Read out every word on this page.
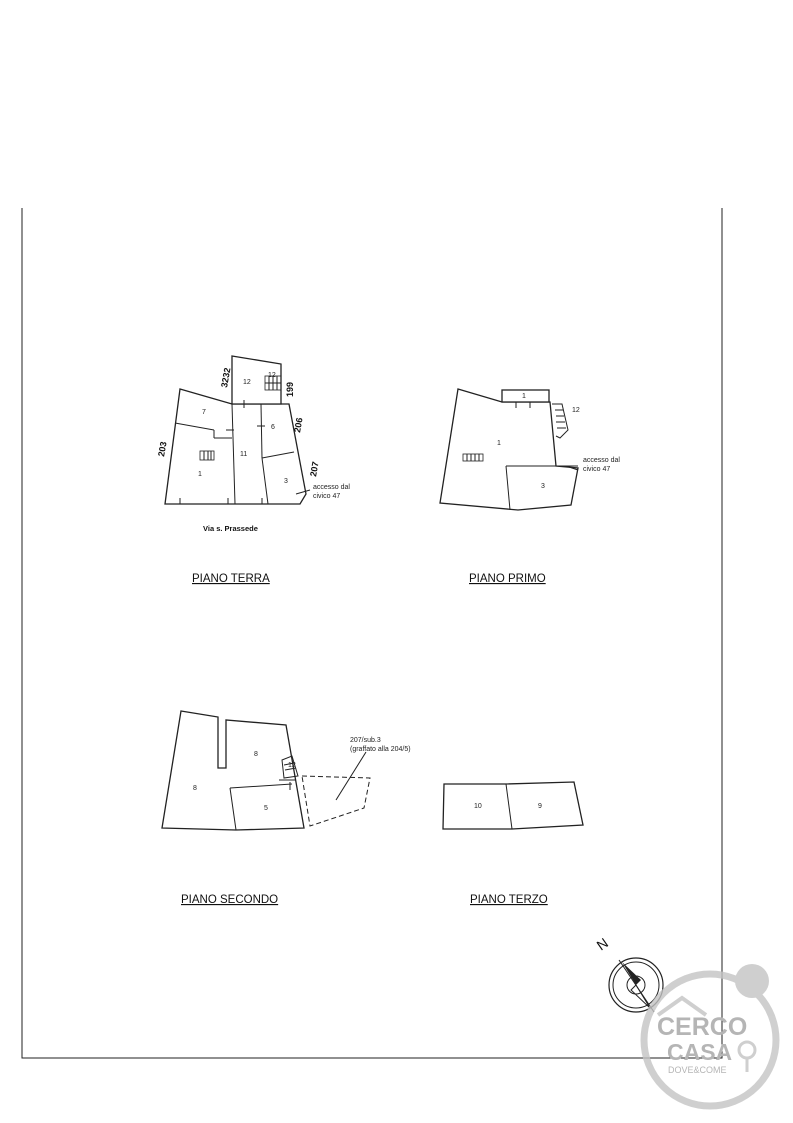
7
12
12
6
11
1
3
3232
199
203
206
207
accesso dal
civico 47
Via s. Prassede
PIANO TERRA
1
12
1
3
accesso dal
civico 47
PIANO PRIMO
8
8
12
5
207/sub.3
(graffato alla 204/5)
PIANO SECONDO
10	9
PIANO TERZO
N
CERCO
CASA
DOVE&COME
